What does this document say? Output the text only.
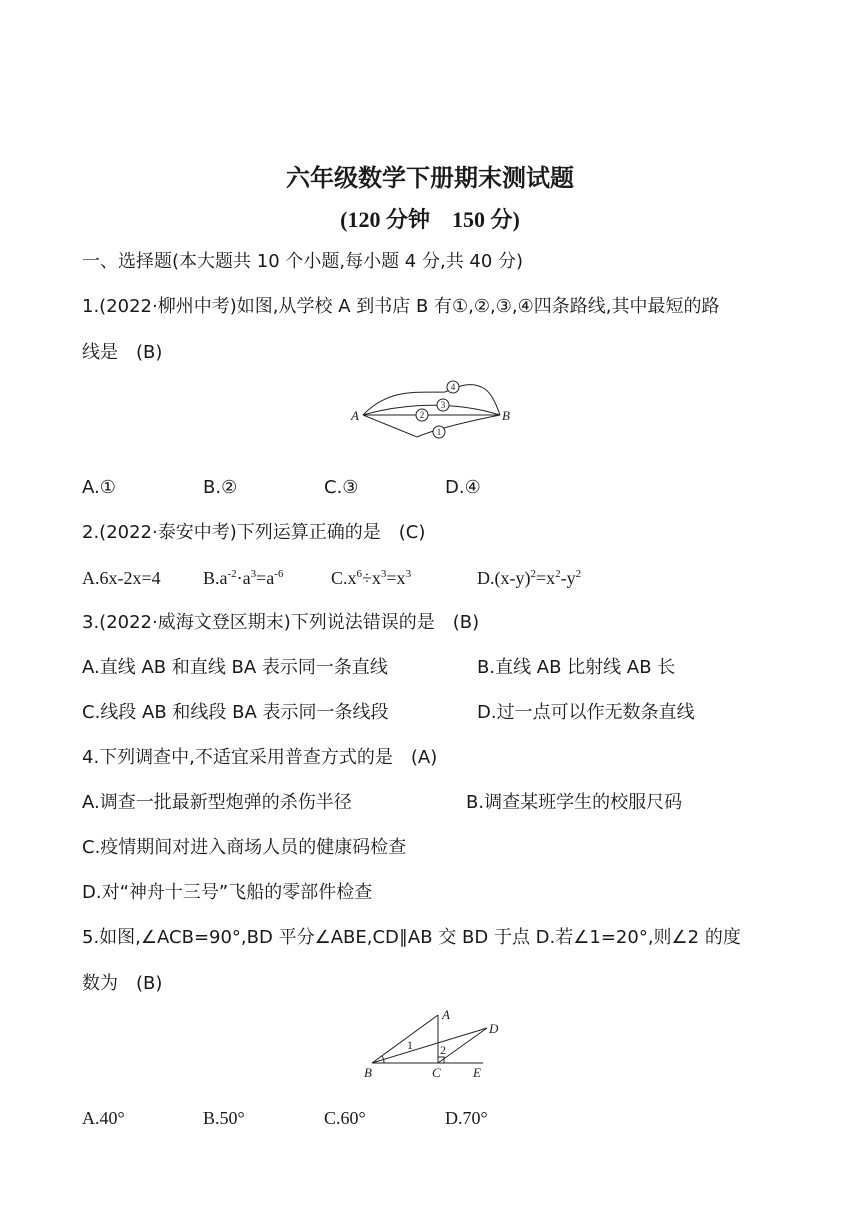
六年级数学下册期末测试题
(120 分钟　150 分)
一、选择题(本大题共 10 个小题,每小题 4 分,共 40 分)
1.(2022·柳州中考)如图,从学校 A 到书店 B 有①,②,③,④四条路线,其中最短的路
线是　(B)
4
3
2
1
A	B
A.①	B.②	C.③	D.④
2.(2022·泰安中考)下列运算正确的是　(C)
A.6x-2x=4 $B.a^{-2}\cdot a^3=a^{-6}$	$C.x^6\div x^3=x^3$	$D.(x-y)^2=x^2-y^2$
3.(2022·威海文登区期末)下列说法错误的是　(B)
A.直线 AB 和直线 BA 表示同一条直线	B.直线 AB 比射线 AB 长
C.线段 AB 和线段 BA 表示同一条线段	D.过一点可以作无数条直线
4.下列调查中,不适宜采用普查方式的是　(A)
A.调查一批最新型炮弹的杀伤半径	B.调查某班学生的校服尺码
C.疫情期间对进入商场人员的健康码检查
D.对“神舟十三号”飞船的零部件检查
5.如图,∠ACB=90°,BD 平分∠ABE,CD∥AB 交 BD 于点 D.若∠1=20°,则∠2 的度
数为　(B)
A
B	C
D
E
1 2
A.40°	B.50°	C.60°	D.70°
